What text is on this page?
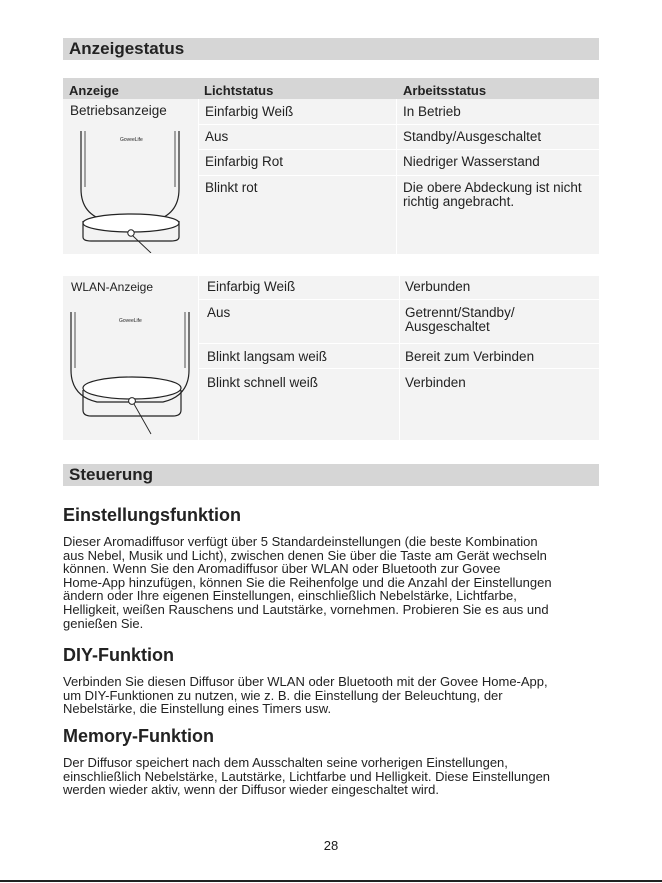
Anzeigestatus
Anzeige	Lichtstatus	Arbeitsstatus
Betriebsanzeige	Einfarbig Weiß	In Betrieb
Aus	Standby/Ausgeschaltet
Einfarbig Rot	Niedriger Wasserstand
Blinkt rot	Die obere Abdeckung ist nicht
richtig angebracht.
GoveeLife
WLAN-Anzeige	Einfarbig Weiß	Verbunden
Aus	Getrennt/Standby/
Ausgeschaltet
Blinkt langsam weiß	Bereit zum Verbinden
Blinkt schnell weiß	Verbinden
GoveeLife
Steuerung
Einstellungsfunktion
Dieser Aromadiffusor verfügt über 5 Standardeinstellungen (die beste Kombination
aus Nebel, Musik und Licht), zwischen denen Sie über die Taste am Gerät wechseln
können. Wenn Sie den Aromadiffusor über WLAN oder Bluetooth zur Govee
Home-App hinzufügen, können Sie die Reihenfolge und die Anzahl der Einstellungen
ändern oder Ihre eigenen Einstellungen, einschließlich Nebelstärke, Lichtfarbe,
Helligkeit, weißen Rauschens und Lautstärke, vornehmen. Probieren Sie es aus und
genießen Sie.
DIY-Funktion
Verbinden Sie diesen Diffusor über WLAN oder Bluetooth mit der Govee Home-App,
um DIY-Funktionen zu nutzen, wie z. B. die Einstellung der Beleuchtung, der
Nebelstärke, die Einstellung eines Timers usw.
Memory-Funktion
Der Diffusor speichert nach dem Ausschalten seine vorherigen Einstellungen,
einschließlich Nebelstärke, Lautstärke, Lichtfarbe und Helligkeit. Diese Einstellungen
werden wieder aktiv, wenn der Diffusor wieder eingeschaltet wird.
28
